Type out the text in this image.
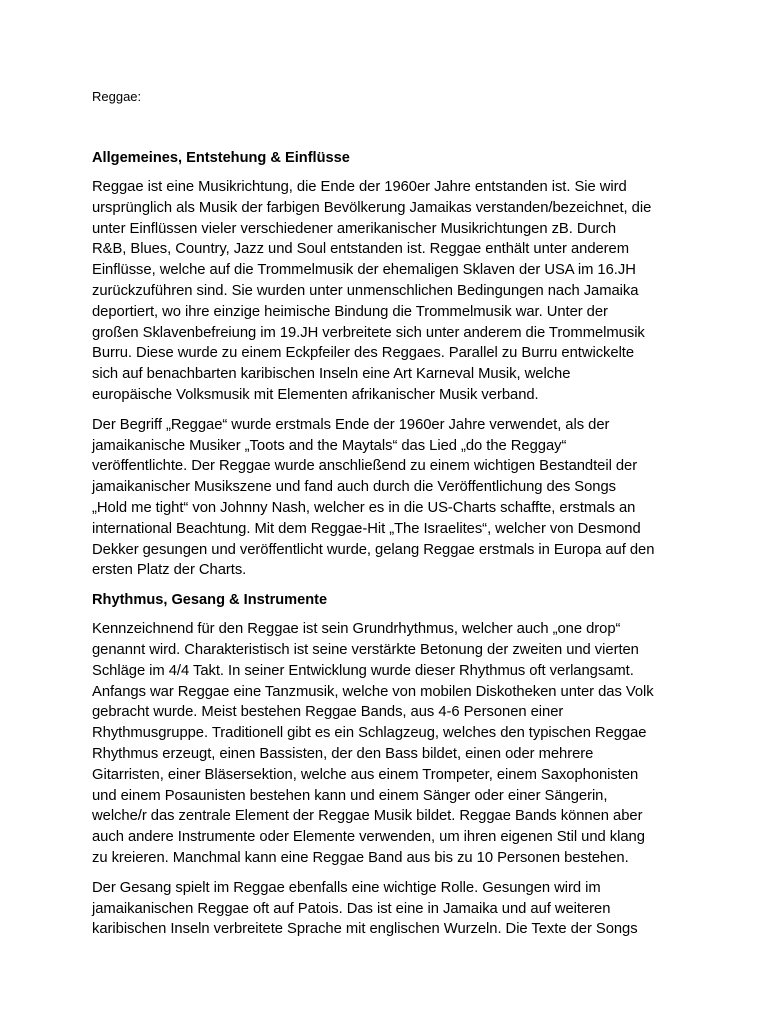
Reggae:
Allgemeines, Entstehung & Einflüsse

Reggae ist eine Musikrichtung, die Ende der 1960er Jahre entstanden ist. Sie wird
ursprünglich als Musik der farbigen Bevölkerung Jamaikas verstanden/bezeichnet, die
unter Einflüssen vieler verschiedener amerikanischer Musikrichtungen zB. Durch
R&B, Blues, Country, Jazz und Soul entstanden ist. Reggae enthält unter anderem
Einflüsse, welche auf die Trommelmusik der ehemaligen Sklaven der USA im 16.JH
zurückzuführen sind. Sie wurden unter unmenschlichen Bedingungen nach Jamaika
deportiert, wo ihre einzige heimische Bindung die Trommelmusik war. Unter der
großen Sklavenbefreiung im 19.JH verbreitete sich unter anderem die Trommelmusik
Burru. Diese wurde zu einem Eckpfeiler des Reggaes. Parallel zu Burru entwickelte
sich auf benachbarten karibischen Inseln eine Art Karneval Musik, welche
europäische Volksmusik mit Elementen afrikanischer Musik verband.

Der Begriff „Reggae“ wurde erstmals Ende der 1960er Jahre verwendet, als der
jamaikanische Musiker „Toots and the Maytals“ das Lied „do the Reggay“
veröffentlichte. Der Reggae wurde anschließend zu einem wichtigen Bestandteil der
jamaikanischer Musikszene und fand auch durch die Veröffentlichung des Songs
„Hold me tight“ von Johnny Nash, welcher es in die US-Charts schaffte, erstmals an
international Beachtung. Mit dem Reggae-Hit „The Israelites“, welcher von Desmond
Dekker gesungen und veröffentlicht wurde, gelang Reggae erstmals in Europa auf den
ersten Platz der Charts.

Rhythmus, Gesang & Instrumente

Kennzeichnend für den Reggae ist sein Grundrhythmus, welcher auch „one drop“
genannt wird. Charakteristisch ist seine verstärkte Betonung der zweiten und vierten
Schläge im 4/4 Takt. In seiner Entwicklung wurde dieser Rhythmus oft verlangsamt.
Anfangs war Reggae eine Tanzmusik, welche von mobilen Diskotheken unter das Volk
gebracht wurde. Meist bestehen Reggae Bands, aus 4-6 Personen einer
Rhythmusgruppe. Traditionell gibt es ein Schlagzeug, welches den typischen Reggae
Rhythmus erzeugt, einen Bassisten, der den Bass bildet, einen oder mehrere
Gitarristen, einer Bläsersektion, welche aus einem Trompeter, einem Saxophonisten
und einem Posaunisten bestehen kann und einem Sänger oder einer Sängerin,
welche/r das zentrale Element der Reggae Musik bildet. Reggae Bands können aber
auch andere Instrumente oder Elemente verwenden, um ihren eigenen Stil und klang
zu kreieren. Manchmal kann eine Reggae Band aus bis zu 10 Personen bestehen.

Der Gesang spielt im Reggae ebenfalls eine wichtige Rolle. Gesungen wird im
jamaikanischen Reggae oft auf Patois. Das ist eine in Jamaika und auf weiteren
karibischen Inseln verbreitete Sprache mit englischen Wurzeln. Die Texte der Songs
